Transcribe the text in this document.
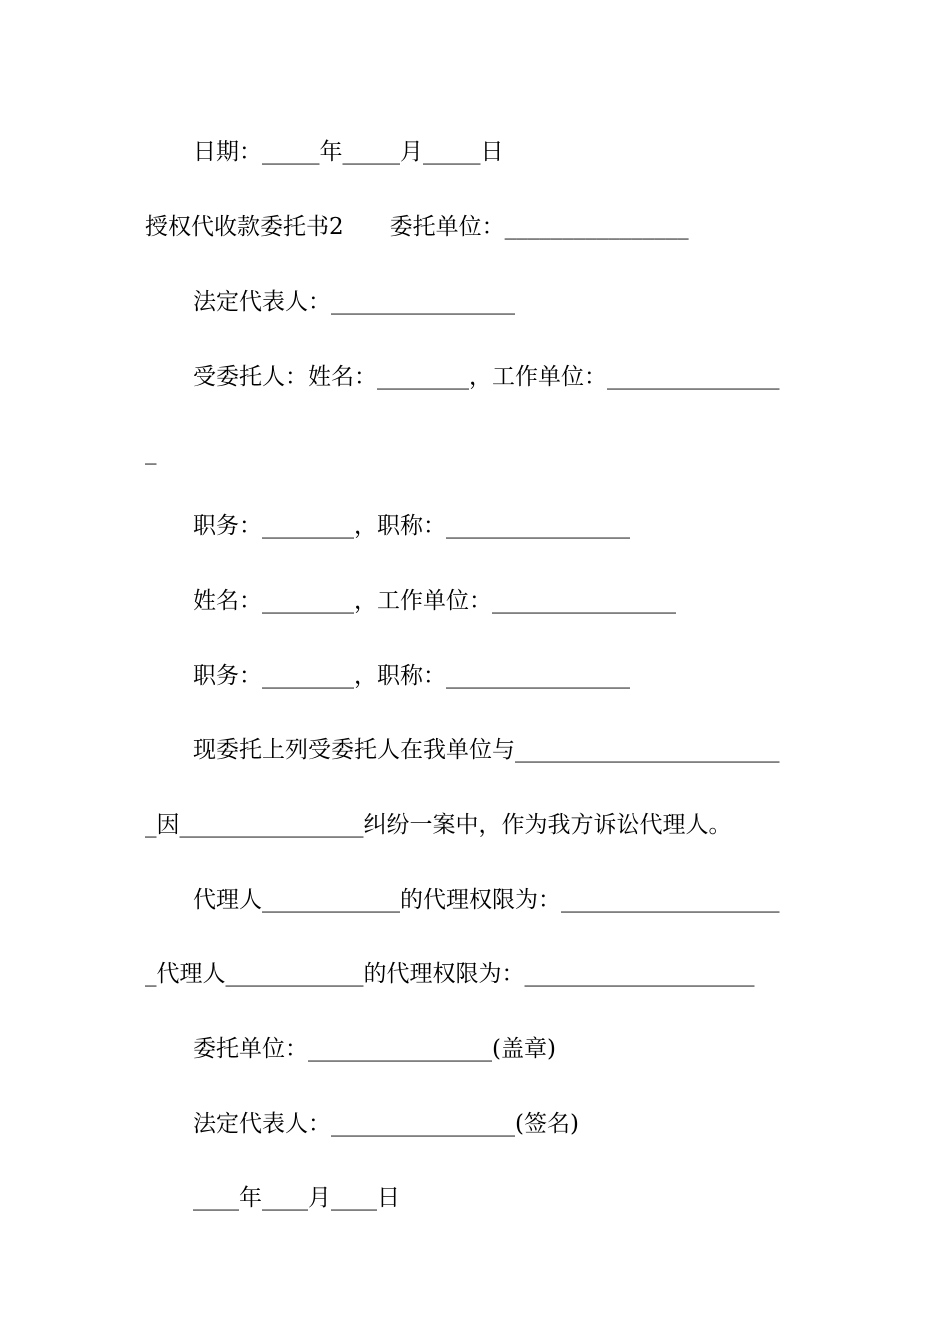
日期：_____年_____月_____日
授权代收款委托书2　　委托单位：________________
法定代表人：________________
受委托人：姓名：________，工作单位：_______________
_
职务：________，职称：________________
姓名：________，工作单位：________________
职务：________，职称：________________
现委托上列受委托人在我单位与_______________________
_因________________纠纷一案中，作为我方诉讼代理人。
代理人____________的代理权限为：___________________
_代理人____________的代理权限为：____________________
委托单位：________________(盖章)
法定代表人：________________(签名)
____年____月____日
